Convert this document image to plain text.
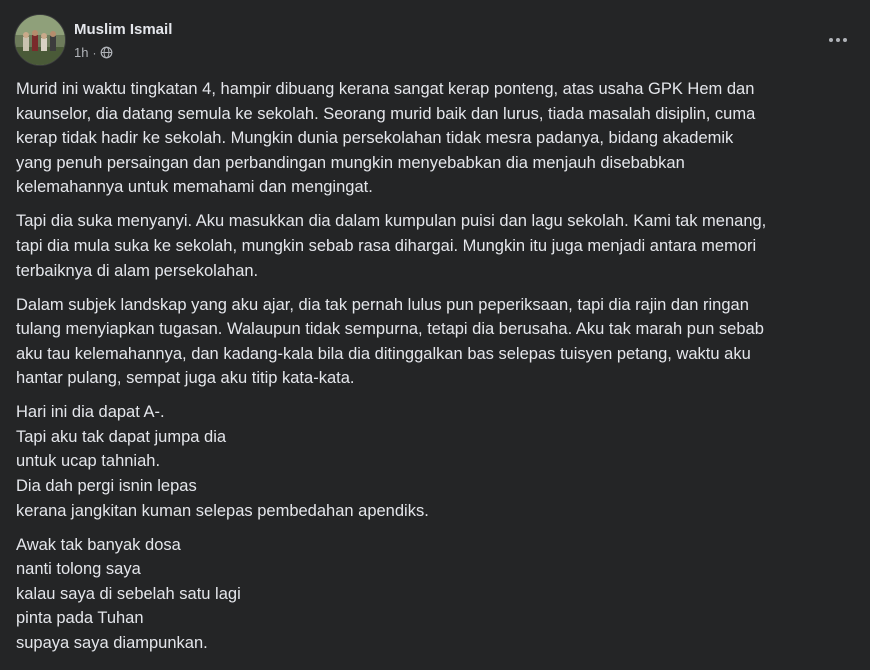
Muslim Ismail
1h ·

Murid ini waktu tingkatan 4, hampir dibuang kerana sangat kerap ponteng, atas usaha GPK Hem dan
kaunselor, dia datang semula ke sekolah. Seorang murid baik dan lurus, tiada masalah disiplin, cuma
kerap tidak hadir ke sekolah. Mungkin dunia persekolahan tidak mesra padanya, bidang akademik
yang penuh persaingan dan perbandingan mungkin menyebabkan dia menjauh disebabkan
kelemahannya untuk memahami dan mengingat.

Tapi dia suka menyanyi. Aku masukkan dia dalam kumpulan puisi dan lagu sekolah. Kami tak menang,
tapi dia mula suka ke sekolah, mungkin sebab rasa dihargai. Mungkin itu juga menjadi antara memori
terbaiknya di alam persekolahan.

Dalam subjek landskap yang aku ajar, dia tak pernah lulus pun peperiksaan, tapi dia rajin dan ringan
tulang menyiapkan tugasan. Walaupun tidak sempurna, tetapi dia berusaha. Aku tak marah pun sebab
aku tau kelemahannya, dan kadang-kala bila dia ditinggalkan bas selepas tuisyen petang, waktu aku
hantar pulang, sempat juga aku titip kata-kata.

Hari ini dia dapat A-.
Tapi aku tak dapat jumpa dia
untuk ucap tahniah.
Dia dah pergi isnin lepas
kerana jangkitan kuman selepas pembedahan apendiks.

Awak tak banyak dosa
nanti tolong saya
kalau saya di sebelah satu lagi
pinta pada Tuhan
supaya saya diampunkan.
